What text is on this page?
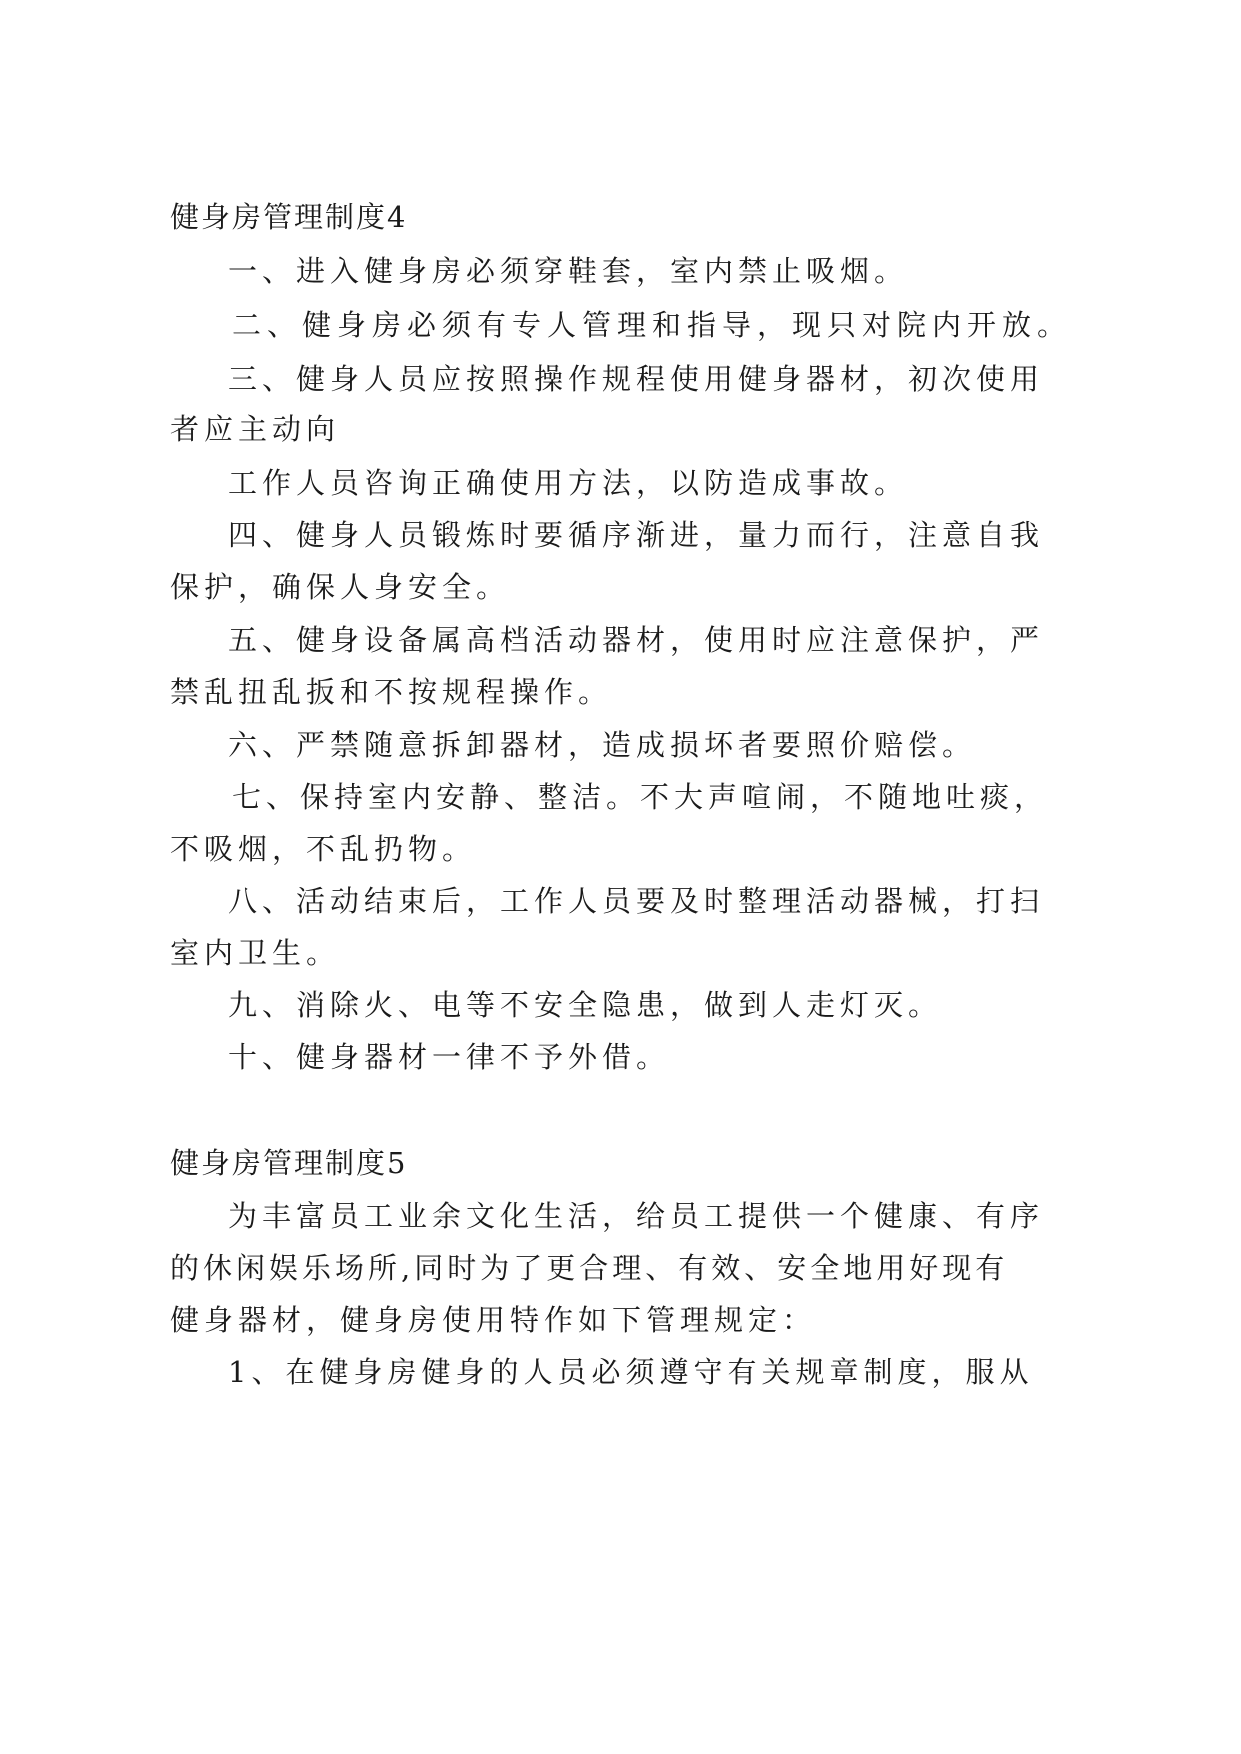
健身房管理制度4
一、进入健身房必须穿鞋套，室内禁止吸烟。
二、健身房必须有专人管理和指导，现只对院内开放。
三、健身人员应按照操作规程使用健身器材，初次使用
者应主动向
工作人员咨询正确使用方法，以防造成事故。
四、健身人员锻炼时要循序渐进，量力而行，注意自我
保护，确保人身安全。
五、健身设备属高档活动器材，使用时应注意保护，严
禁乱扭乱扳和不按规程操作。
六、严禁随意拆卸器材，造成损坏者要照价赔偿。
七、保持室内安静、整洁。不大声喧闹，不随地吐痰，
不吸烟，不乱扔物。
八、活动结束后，工作人员要及时整理活动器械，打扫
室内卫生。
九、消除火、电等不安全隐患，做到人走灯灭。
十、健身器材一律不予外借。
健身房管理制度5
为丰富员工业余文化生活，给员工提供一个健康、有序
的休闲娱乐场所,同时为了更合理、有效、安全地用好现有
健身器材，健身房使用特作如下管理规定：
1、在健身房健身的人员必须遵守有关规章制度，服从
